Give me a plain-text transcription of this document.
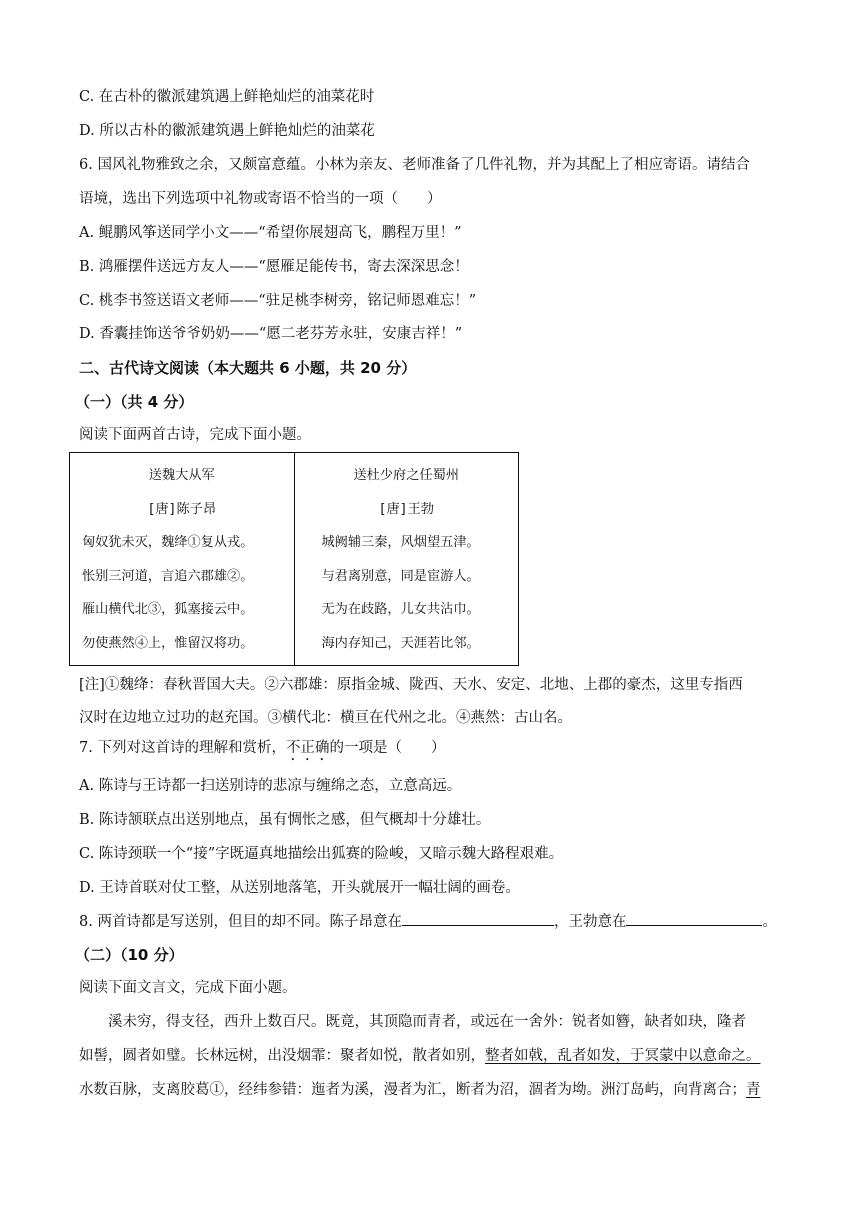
C. 在古朴的徽派建筑遇上鲜艳灿烂的油菜花时
D. 所以古朴的徽派建筑遇上鲜艳灿烂的油菜花
6. 国风礼物雅致之余，又颇富意蕴。小林为亲友、老师准备了几件礼物，并为其配上了相应寄语。请结合
语境，选出下列选项中礼物或寄语不恰当的一项（　　）
A. 鲲鹏风筝送同学小文——“希望你展翅高飞，鹏程万里！”
B. 鸿雁摆件送远方友人——“愿雁足能传书，寄去深深思念！
C. 桃李书签送语文老师——“驻足桃李树旁，铭记师恩难忘！”
D. 香囊挂饰送爷爷奶奶——“愿二老芬芳永驻，安康吉祥！”
二、古代诗文阅读（本大题共 6 小题，共 20 分）
（一）（共 4 分）
阅读下面两首古诗，完成下面小题。
送魏大从军
[唐]陈子昂
匈奴犹未灭，魏绛①复从戎。
怅别三河道，言追六郡雄②。
雁山横代北③，狐塞接云中。
勿使燕然④上，惟留汉将功。

送杜少府之任蜀州
[唐]王勃
城阙辅三秦，风烟望五津。
与君离别意，同是宦游人。
无为在歧路，儿女共沾巾。
海内存知己，天涯若比邻。
[注]①魏绛：春秋晋国大夫。②六郡雄：原指金城、陇西、天水、安定、北地、上郡的豪杰，这里专指西
汉时在边地立过功的赵充国。③横代北：横亘在代州之北。④燕然：古山名。
7. 下列对这首诗的理解和赏析，不正确的一项是（　　）
A. 陈诗与王诗都一扫送别诗的悲凉与缠绵之态，立意高远。
B. 陈诗颔联点出送别地点，虽有惆怅之感，但气概却十分雄壮。
C. 陈诗颈联一个“接”字既逼真地描绘出狐赛的险峻，又暗示魏大路程艰难。
D. 王诗首联对仗工整，从送别地落笔，开头就展开一幅壮阔的画卷。
8. 两首诗都是写送别，但目的却不同。陈子昂意在	，王勃意在	。
（二）（10 分）
阅读下面文言文，完成下面小题。
　　溪未穷，得支径，西升上数百尺。既竟，其顶隐而青者，或远在一舍外：锐者如簪，缺者如玦，隆者
如髻，圆者如璧。长林远树，出没烟霏：聚者如悦，散者如别，整者如戟，乱者如发，于冥蒙中以意命之。
水数百脉，支离胶葛①，经纬参错：迤者为溪，漫者为汇，断者为沼，涸者为坳。洲汀岛屿，向背离合；青
